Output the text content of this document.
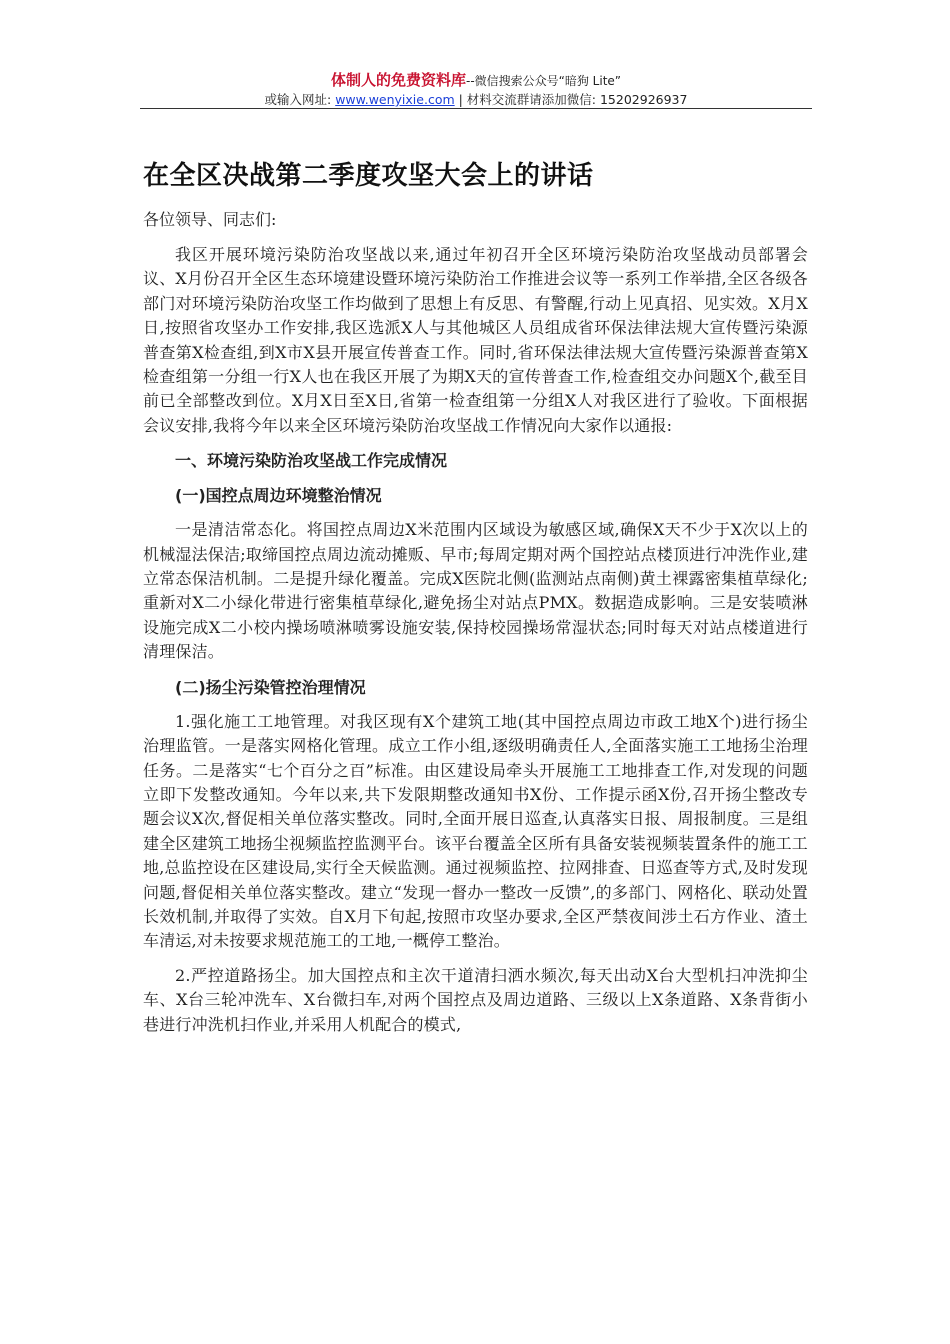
体制人的免费资料库--微信搜索公众号“暗狗 Lite”
或输入网址: www.wenyixie.com | 材料交流群请添加微信: 15202926937
在全区决战第二季度攻坚大会上的讲话

各位领导、同志们:

我区开展环境污染防治攻坚战以来,通过年初召开全区环境污染防治攻坚战动员部署会议、X月份召开全区生态环境建设暨环境污染防治工作推进会议等一系列工作举措,全区各级各部门对环境污染防治攻坚工作均做到了思想上有反思、有警醒,行动上见真招、见实效。X月X日,按照省攻坚办工作安排,我区选派X人与其他城区人员组成省环保法律法规大宣传暨污染源普查第X检查组,到X市X县开展宣传普查工作。同时,省环保法律法规大宣传暨污染源普查第X检查组第一分组一行X人也在我区开展了为期X天的宣传普查工作,检查组交办问题X个,截至目前已全部整改到位。X月X日至X日,省第一检查组第一分组X人对我区进行了验收。下面根据会议安排,我将今年以来全区环境污染防治攻坚战工作情况向大家作以通报:

一、环境污染防治攻坚战工作完成情况

(一)国控点周边环境整治情况

一是清洁常态化。将国控点周边X米范围内区域设为敏感区域,确保X天不少于X次以上的机械湿法保洁;取缔国控点周边流动摊贩、早市;每周定期对两个国控站点楼顶进行冲洗作业,建立常态保洁机制。二是提升绿化覆盖。完成X医院北侧(监测站点南侧)黄土裸露密集植草绿化;重新对X二小绿化带进行密集植草绿化,避免扬尘对站点PMX。数据造成影响。三是安装喷淋设施完成X二小校内操场喷淋喷雾设施安装,保持校园操场常湿状态;同时每天对站点楼道进行清理保洁。

(二)扬尘污染管控治理情况

1.强化施工工地管理。对我区现有X个建筑工地(其中国控点周边市政工地X个)进行扬尘治理监管。一是落实网格化管理。成立工作小组,逐级明确责任人,全面落实施工工地扬尘治理任务。二是落实“七个百分之百”标准。由区建设局牵头开展施工工地排查工作,对发现的问题立即下发整改通知。今年以来,共下发限期整改通知书X份、工作提示函X份,召开扬尘整改专题会议X次,督促相关单位落实整改。同时,全面开展日巡查,认真落实日报、周报制度。三是组建全区建筑工地扬尘视频监控监测平台。该平台覆盖全区所有具备安装视频装置条件的施工工地,总监控设在区建设局,实行全天候监测。通过视频监控、拉网排查、日巡查等方式,及时发现问题,督促相关单位落实整改。建立“发现一督办一整改一反馈”,的多部门、网格化、联动处置长效机制,并取得了实效。自X月下旬起,按照市攻坚办要求,全区严禁夜间涉土石方作业、渣土车清运,对未按要求规范施工的工地,一概停工整治。

2.严控道路扬尘。加大国控点和主次干道清扫洒水频次,每天出动X台大型机扫冲洗抑尘车、X台三轮冲洗车、X台微扫车,对两个国控点及周边道路、三级以上X条道路、X条背街小巷进行冲洗机扫作业,并采用人机配合的模式,
